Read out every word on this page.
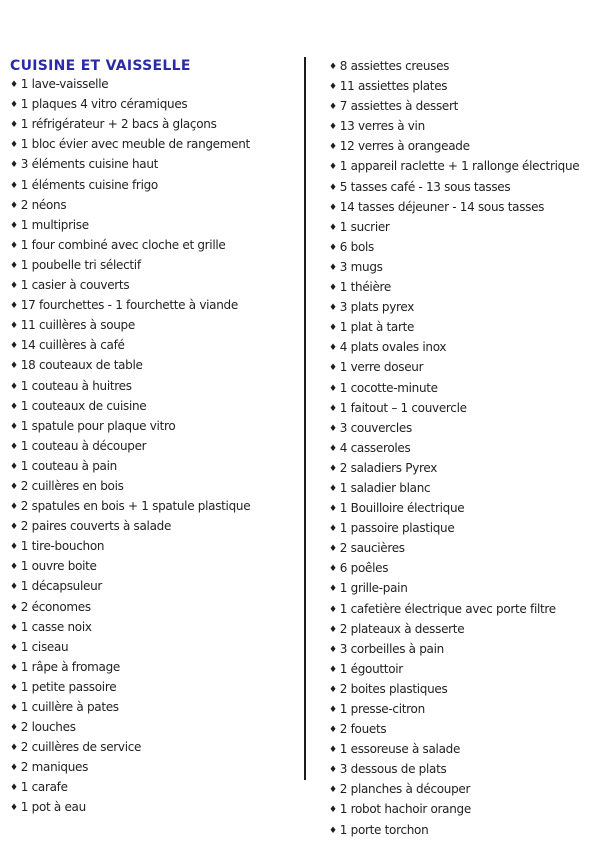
CUISINE ET VAISSELLE
♦ 1 lave-vaisselle
♦ 1 plaques 4 vitro céramiques
♦ 1 réfrigérateur + 2 bacs à glaçons
♦ 1 bloc évier avec meuble de rangement
♦ 3 éléments cuisine haut
♦ 1 éléments cuisine frigo
♦ 2 néons
♦ 1 multiprise
♦ 1 four combiné avec cloche et grille
♦ 1 poubelle tri sélectif
♦ 1 casier à couverts
♦ 17 fourchettes - 1 fourchette à viande
♦ 11 cuillères à soupe
♦ 14 cuillères à café
♦ 18 couteaux de table
♦ 1 couteau à huitres
♦ 1 couteaux de cuisine
♦ 1 spatule pour plaque vitro
♦ 1 couteau à découper
♦ 1 couteau à pain
♦ 2 cuillères en bois
♦ 2 spatules en bois + 1 spatule plastique
♦ 2 paires couverts à salade
♦ 1 tire-bouchon
♦ 1 ouvre boite
♦ 1 décapsuleur
♦ 2 économes
♦ 1 casse noix
♦ 1 ciseau
♦ 1 râpe à fromage
♦ 1 petite passoire
♦ 1 cuillère à pates
♦ 2 louches
♦ 2 cuillères de service
♦ 2 maniques
♦ 1 carafe
♦ 1 pot à eau
♦ 8 assiettes creuses
♦ 11 assiettes plates
♦ 7 assiettes à dessert
♦ 13 verres à vin
♦ 12 verres à orangeade
♦ 1 appareil raclette + 1 rallonge électrique
♦ 5 tasses café - 13 sous tasses
♦ 14 tasses déjeuner - 14 sous tasses
♦ 1 sucrier
♦ 6 bols
♦ 3 mugs
♦ 1 théière
♦ 3 plats pyrex
♦ 1 plat à tarte
♦ 4 plats ovales inox
♦ 1 verre doseur
♦ 1 cocotte-minute
♦ 1 faitout – 1 couvercle
♦ 3 couvercles
♦ 4 casseroles
♦ 2 saladiers Pyrex
♦ 1 saladier blanc
♦ 1 Bouilloire électrique
♦ 1 passoire plastique
♦ 2 saucières
♦ 6 poêles
♦ 1 grille-pain
♦ 1 cafetière électrique avec porte filtre
♦ 2 plateaux à desserte
♦ 3 corbeilles à pain
♦ 1 égouttoir
♦ 2 boites plastiques
♦ 1 presse-citron
♦ 2 fouets
♦ 1 essoreuse à salade
♦ 3 dessous de plats
♦ 2 planches à découper
♦ 1 robot hachoir orange
♦ 1 porte torchon
